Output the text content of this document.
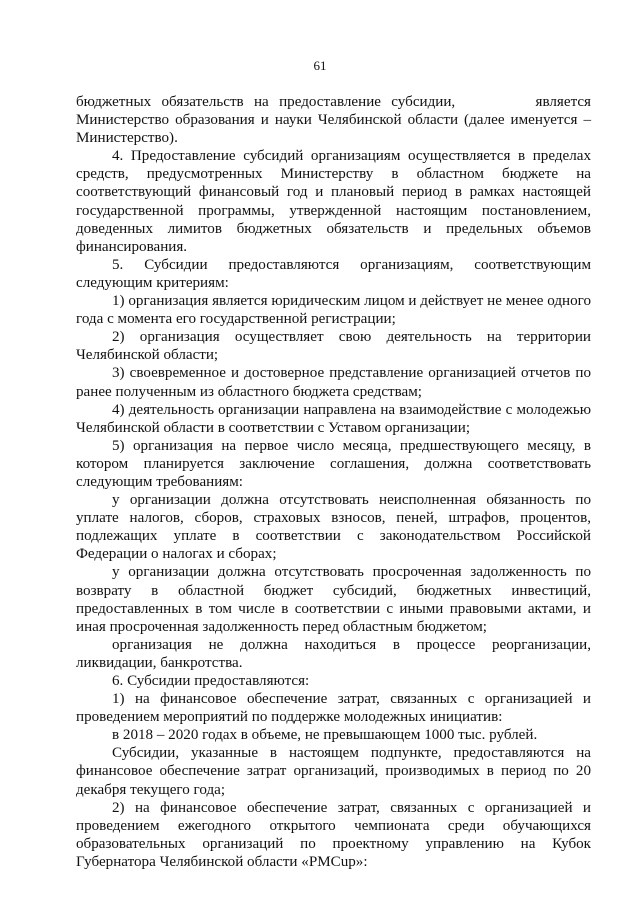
61

бюджетных обязательств на предоставление субсидии,	является Министерство образования и науки Челябинской области (далее именуется – Министерство).

4. Предоставление субсидий организациям осуществляется в пределах средств, предусмотренных Министерству в областном бюджете на соответствующий финансовый год и плановый период в рамках настоящей государственной программы, утвержденной настоящим постановлением, доведенных лимитов бюджетных обязательств и предельных объемов финансирования.

5. Субсидии предоставляются организациям, соответствующим следующим критериям:

1) организация является юридическим лицом и действует не менее одного года с момента его государственной регистрации;

2) организация осуществляет свою деятельность на территории Челябинской области;

3) своевременное и достоверное представление организацией отчетов по ранее полученным из областного бюджета средствам;

4) деятельность организации направлена на взаимодействие с молодежью Челябинской области в соответствии с Уставом организации;

5) организация на первое число месяца, предшествующего месяцу, в котором планируется заключение соглашения, должна соответствовать следующим требованиям:

у организации должна отсутствовать неисполненная обязанность по уплате налогов, сборов, страховых взносов, пеней, штрафов, процентов, подлежащих уплате в соответствии с законодательством Российской Федерации о налогах и сборах;

у организации должна отсутствовать просроченная задолженность по возврату в областной бюджет субсидий, бюджетных инвестиций, предоставленных в том числе в соответствии с иными правовыми актами, и иная просроченная задолженность перед областным бюджетом;

организация не должна находиться в процессе реорганизации, ликвидации, банкротства.

6. Субсидии предоставляются:

1) на финансовое обеспечение затрат, связанных с организацией и проведением мероприятий по поддержке молодежных инициатив:

в 2018 – 2020 годах в объеме, не превышающем 1000 тыс. рублей.

Субсидии, указанные в настоящем подпункте, предоставляются на финансовое обеспечение затрат организаций, производимых в период по 20 декабря текущего года;

2) на финансовое обеспечение затрат, связанных с организацией и проведением ежегодного открытого чемпионата среди обучающихся образовательных организаций по проектному управлению на Кубок Губернатора Челябинской области «PMCup»:
